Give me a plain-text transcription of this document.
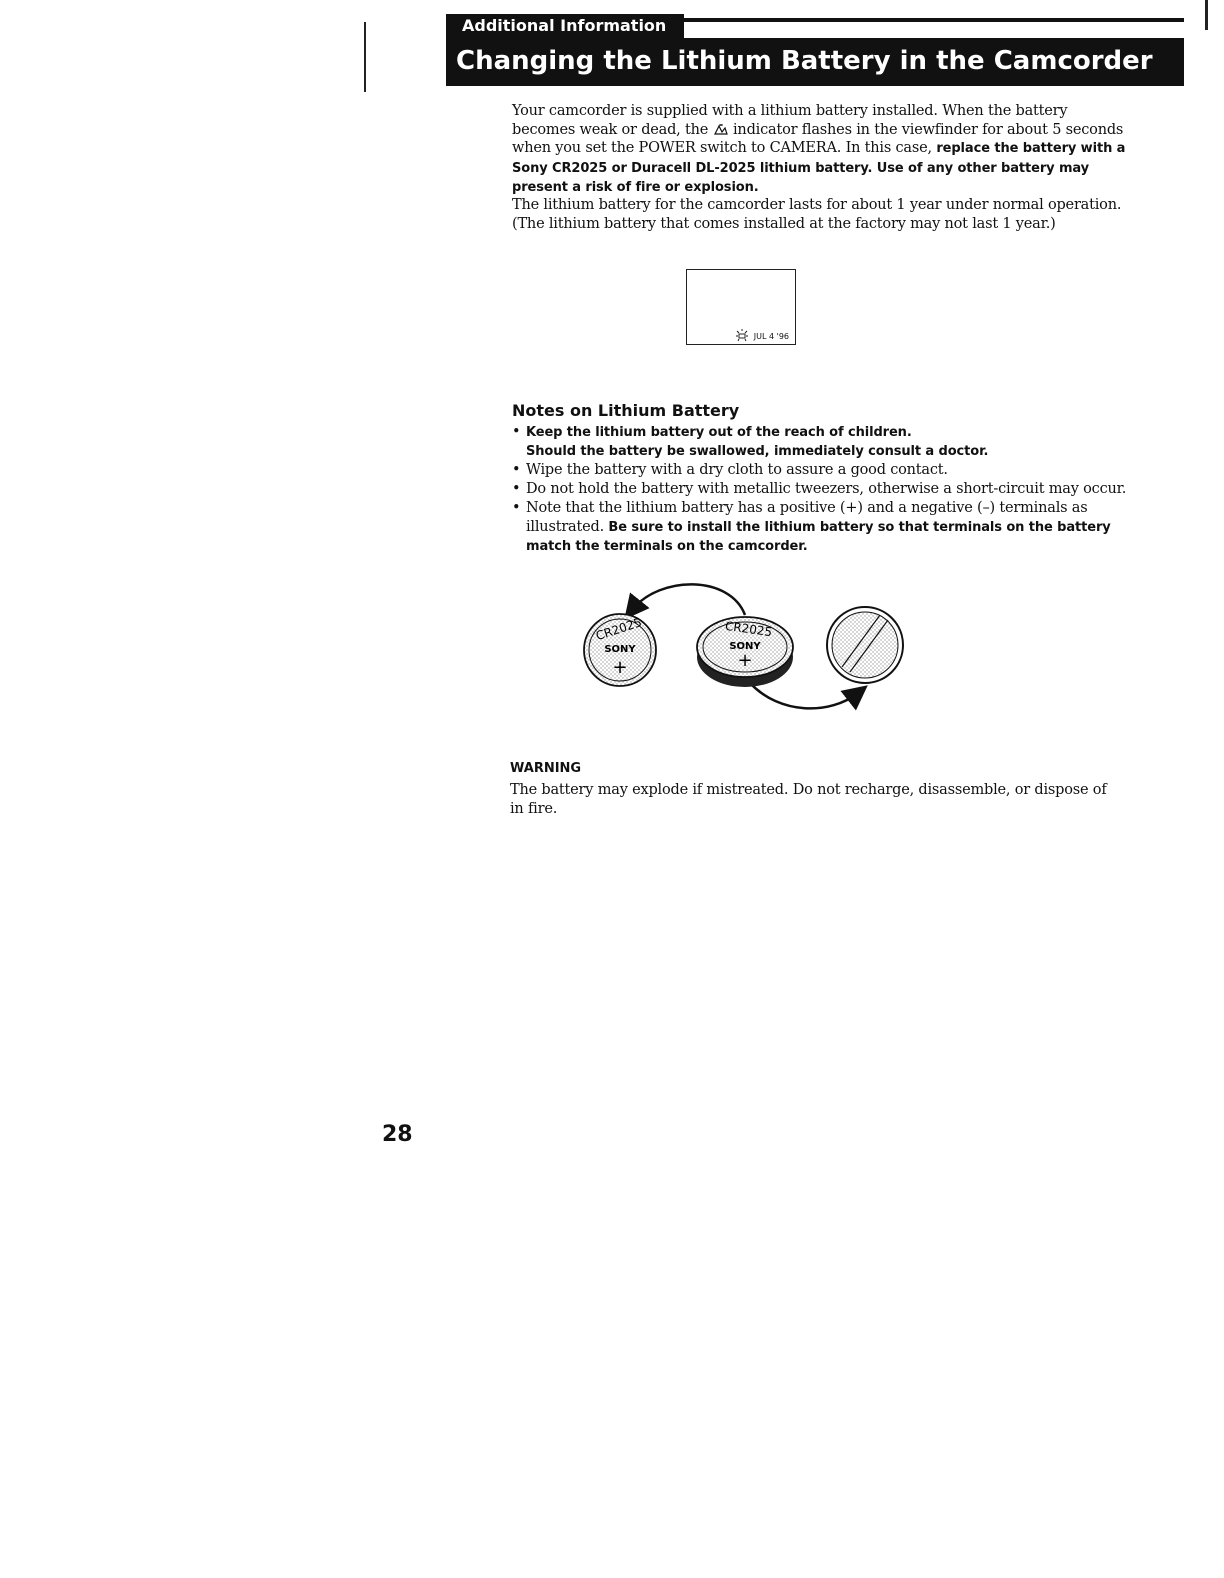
Additional Information
Changing the Lithium Battery in the Camcorder
Your camcorder is supplied with a lithium battery installed. When the battery becomes weak or dead, the indicator flashes in the viewfinder for about 5 seconds when you set the POWER switch to CAMERA. In this case, replace the battery with a Sony CR2025 or Duracell DL-2025 lithium battery. Use of any other battery may present a risk of fire or explosion.
The lithium battery for the camcorder lasts for about 1 year under normal operation.
(The lithium battery that comes installed at the factory may not last 1 year.)
JUL 4 '96
Notes on Lithium Battery
• Keep the lithium battery out of the reach of children.
Should the battery be swallowed, immediately consult a doctor.
• Wipe the battery with a dry cloth to assure a good contact.
• Do not hold the battery with metallic tweezers, otherwise a short-circuit may occur.
• Note that the lithium battery has a positive (+) and a negative (–) terminals as illustrated. Be sure to install the lithium battery so that terminals on the battery match the terminals on the camcorder.
CR2025
SONY
+
CR2025
SONY
+
WARNING
The battery may explode if mistreated. Do not recharge, disassemble, or dispose of in fire.
28
